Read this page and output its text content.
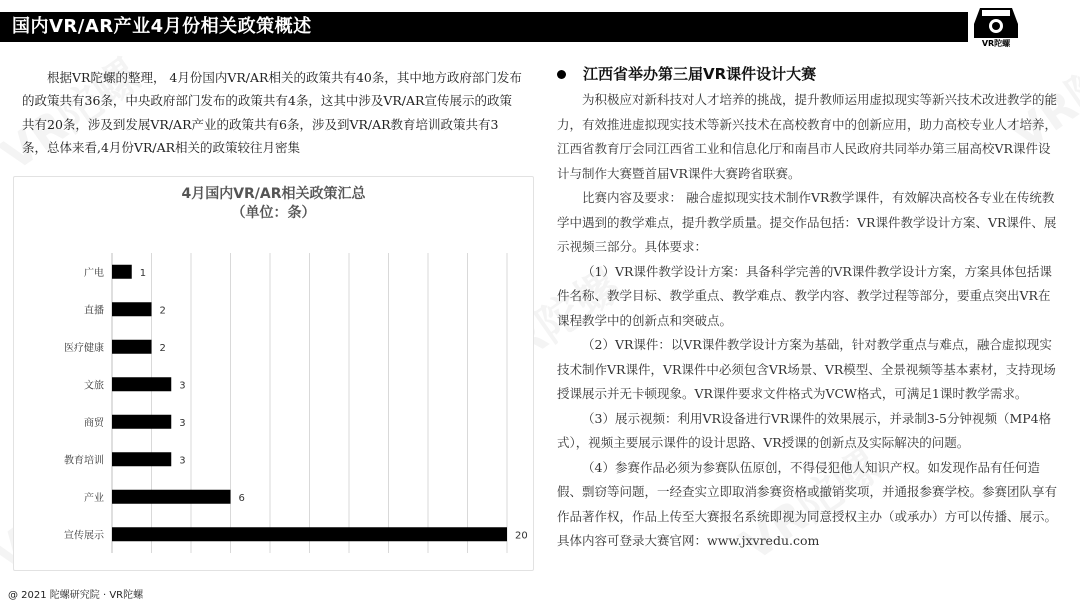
国内VR/AR产业4月份相关政策概述
VR陀螺
根据VR陀螺的整理， 4月份国内VR/AR相关的政策共有40条，其中地方政府部门发布的政策共有36条，中央政府部门发布的政策共有4条，这其中涉及VR/AR宣传展示的政策共有20条，涉及到发展VR/AR产业的政策共有6条，涉及到VR/AR教育培训政策共有3条，总体来看,4月份VR/AR相关的政策较往月密集
4月国内VR/AR相关政策汇总
（单位：条）
广电	1
直播	2
医疗健康	2
文旅	3
商贸	3
教育培训	3
产业	6
宣传展示	20
江西省举办第三届VR课件设计大赛

为积极应对新科技对人才培养的挑战，提升教师运用虚拟现实等新兴技术改进教学的能力，有效推进虚拟现实技术等新兴技术在高校教育中的创新应用，助力高校专业人才培养，江西省教育厅会同江西省工业和信息化厅和南昌市人民政府共同举办第三届高校VR课件设计与制作大赛暨首届VR课件大赛跨省联赛。

比赛内容及要求： 融合虚拟现实技术制作VR教学课件，有效解决高校各专业在传统教学中遇到的教学难点，提升教学质量。提交作品包括：VR课件教学设计方案、VR课件、展示视频三部分。具体要求：

（1）VR课件教学设计方案：具备科学完善的VR课件教学设计方案，方案具体包括课件名称、教学目标、教学重点、教学难点、教学内容、教学过程等部分，要重点突出VR在课程教学中的创新点和突破点。

（2）VR课件：以VR课件教学设计方案为基础，针对教学重点与难点，融合虚拟现实技术制作VR课件，VR课件中必须包含VR场景、VR模型、全景视频等基本素材，支持现场授课展示并无卡顿现象。VR课件要求文件格式为VCW格式，可满足1课时教学需求。

（3）展示视频：利用VR设备进行VR课件的效果展示，并录制3-5分钟视频（MP4格式），视频主要展示课件的设计思路、VR授课的创新点及实际解决的问题。

（4）参赛作品必须为参赛队伍原创，不得侵犯他人知识产权。如发现作品有任何造假、剽窃等问题，一经查实立即取消参赛资格或撤销奖项，并通报参赛学校。参赛团队享有作品著作权，作品上传至大赛报名系统即视为同意授权主办（或承办）方可以传播、展示。具体内容可登录大赛官网：www.jxvredu.com

@ 2021 陀螺研究院 · VR陀螺
